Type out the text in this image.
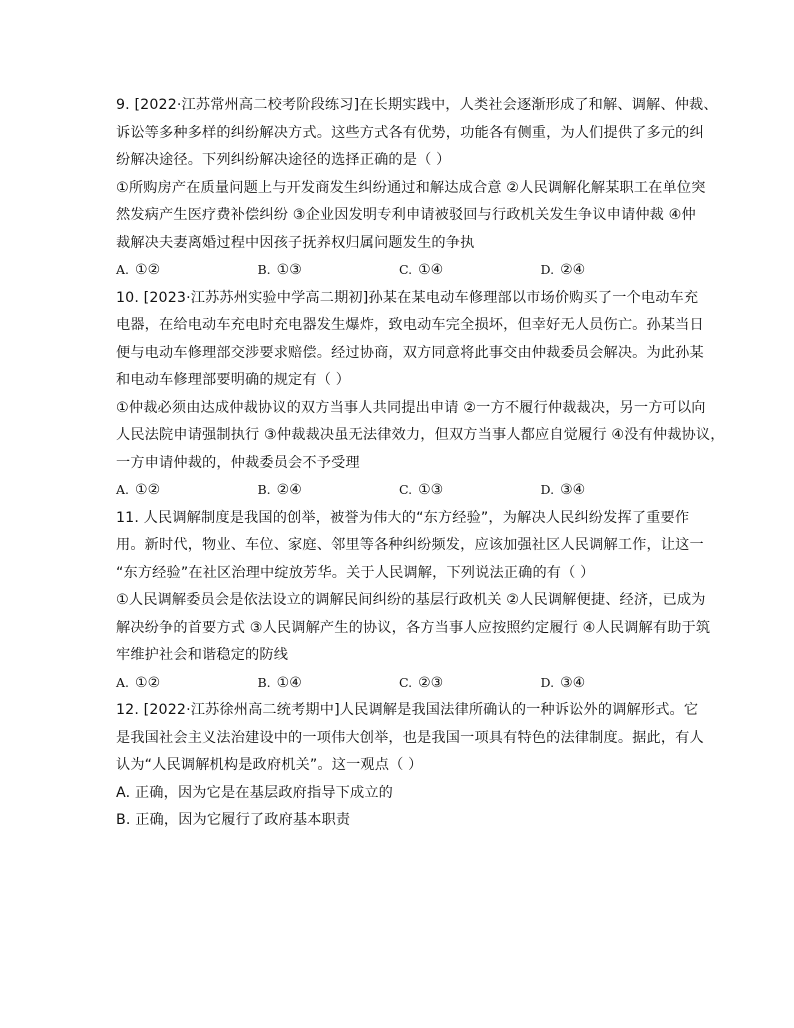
9. [2022·江苏常州高二校考阶段练习]在长期实践中，人类社会逐渐形成了和解、调解、仲裁、
诉讼等多种多样的纠纷解决方式。这些方式各有优势，功能各有侧重，为人们提供了多元的纠
纷解决途径。下列纠纷解决途径的选择正确的是（ ）
①所购房产在质量问题上与开发商发生纠纷通过和解达成合意 ②人民调解化解某职工在单位突
然发病产生医疗费补偿纠纷 ③企业因发明专利申请被驳回与行政机关发生争议申请仲裁 ④仲
裁解决夫妻离婚过程中因孩子抚养权归属问题发生的争执
A. ①②	B. ①③	C. ①④	D. ②④
10. [2023·江苏苏州实验中学高二期初]孙某在某电动车修理部以市场价购买了一个电动车充
电器，在给电动车充电时充电器发生爆炸，致电动车完全损坏，但幸好无人员伤亡。孙某当日
便与电动车修理部交涉要求赔偿。经过协商，双方同意将此事交由仲裁委员会解决。为此孙某
和电动车修理部要明确的规定有（ ）
①仲裁必须由达成仲裁协议的双方当事人共同提出申请 ②一方不履行仲裁裁决，另一方可以向
人民法院申请强制执行 ③仲裁裁决虽无法律效力，但双方当事人都应自觉履行 ④没有仲裁协议，
一方申请仲裁的，仲裁委员会不予受理
A. ①②	B. ②④	C. ①③	D. ③④
11. 人民调解制度是我国的创举，被誉为伟大的“东方经验”，为解决人民纠纷发挥了重要作
用。新时代，物业、车位、家庭、邻里等各种纠纷频发，应该加强社区人民调解工作，让这一
“东方经验”在社区治理中绽放芳华。关于人民调解，下列说法正确的有（ ）
①人民调解委员会是依法设立的调解民间纠纷的基层行政机关 ②人民调解便捷、经济，已成为
解决纷争的首要方式 ③人民调解产生的协议，各方当事人应按照约定履行 ④人民调解有助于筑
牢维护社会和谐稳定的防线
A. ①②	B. ①④	C. ②③	D. ③④
12. [2022·江苏徐州高二统考期中]人民调解是我国法律所确认的一种诉讼外的调解形式。它
是我国社会主义法治建设中的一项伟大创举，也是我国一项具有特色的法律制度。据此，有人
认为“人民调解机构是政府机关”。这一观点（ ）
A. 正确，因为它是在基层政府指导下成立的
B. 正确，因为它履行了政府基本职责
